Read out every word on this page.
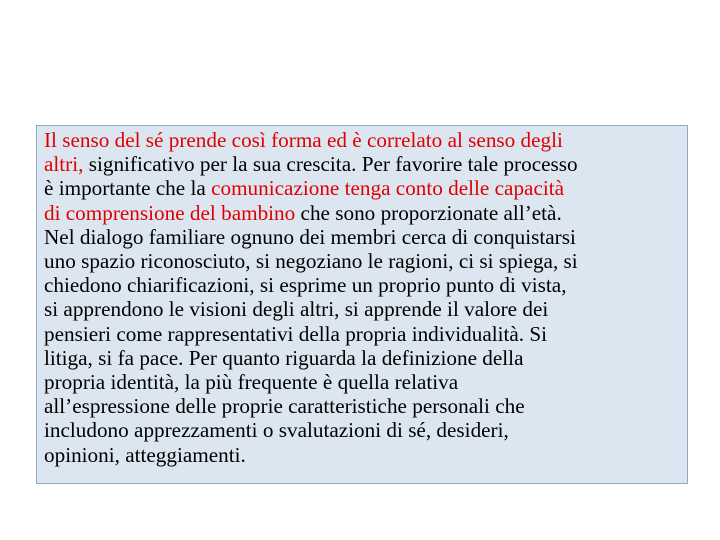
Il senso del sé prende così forma ed è correlato al senso degli
altri, significativo per la sua crescita. Per favorire tale processo
è importante che la comunicazione tenga conto delle capacità
di comprensione del bambino che sono proporzionate all’età.
Nel dialogo familiare ognuno dei membri cerca di conquistarsi
uno spazio riconosciuto, si negoziano le ragioni, ci si spiega, si
chiedono chiarificazioni, si esprime un proprio punto di vista,
si apprendono le visioni degli altri, si apprende il valore dei
pensieri come rappresentativi della propria individualità. Si
litiga, si fa pace. Per quanto riguarda la definizione della
propria identità, la più frequente è quella relativa
all’espressione delle proprie caratteristiche personali che
includono apprezzamenti o svalutazioni di sé, desideri,
opinioni, atteggiamenti.
